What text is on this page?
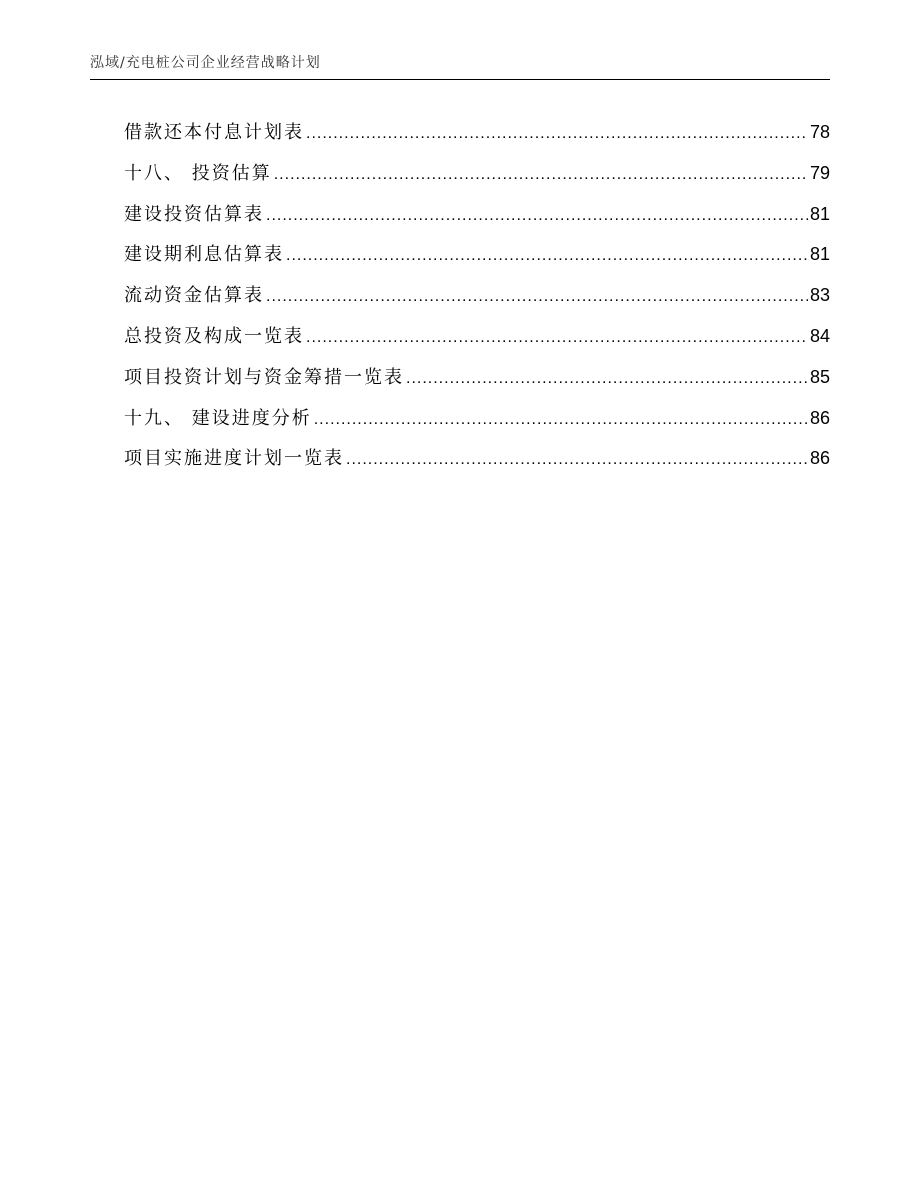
泓域/充电桩公司企业经营战略计划
借款还本付息计划表 .....	78
十八、 投资估算 .....	79
建设投资估算表 .....	81
建设期利息估算表 .....	81
流动资金估算表 .....	83
总投资及构成一览表 .....	84
项目投资计划与资金筹措一览表 .....	85
十九、 建设进度分析 .....	86
项目实施进度计划一览表 .....	86
